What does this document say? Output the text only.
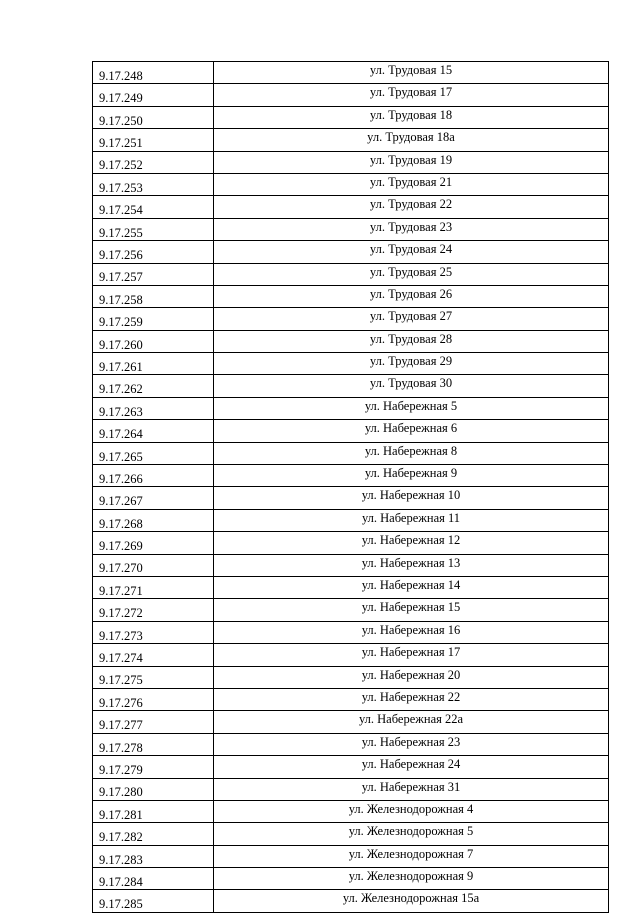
9.17.248	ул. Трудовая 15
9.17.249	ул. Трудовая 17
9.17.250	ул. Трудовая 18
9.17.251	ул. Трудовая 18а
9.17.252	ул. Трудовая 19
9.17.253	ул. Трудовая 21
9.17.254	ул. Трудовая 22
9.17.255	ул. Трудовая 23
9.17.256	ул. Трудовая 24
9.17.257	ул. Трудовая 25
9.17.258	ул. Трудовая 26
9.17.259	ул. Трудовая 27
9.17.260	ул. Трудовая 28
9.17.261	ул. Трудовая 29
9.17.262	ул. Трудовая 30
9.17.263	ул. Набережная 5
9.17.264	ул. Набережная 6
9.17.265	ул. Набережная 8
9.17.266	ул. Набережная 9
9.17.267	ул. Набережная 10
9.17.268	ул. Набережная 11
9.17.269	ул. Набережная 12
9.17.270	ул. Набережная 13
9.17.271	ул. Набережная 14
9.17.272	ул. Набережная 15
9.17.273	ул. Набережная 16
9.17.274	ул. Набережная 17
9.17.275	ул. Набережная 20
9.17.276	ул. Набережная 22
9.17.277	ул. Набережная 22а
9.17.278	ул. Набережная 23
9.17.279	ул. Набережная 24
9.17.280	ул. Набережная 31
9.17.281	ул. Железнодорожная 4
9.17.282	ул. Железнодорожная 5
9.17.283	ул. Железнодорожная 7
9.17.284	ул. Железнодорожная 9
9.17.285	ул. Железнодорожная 15а
